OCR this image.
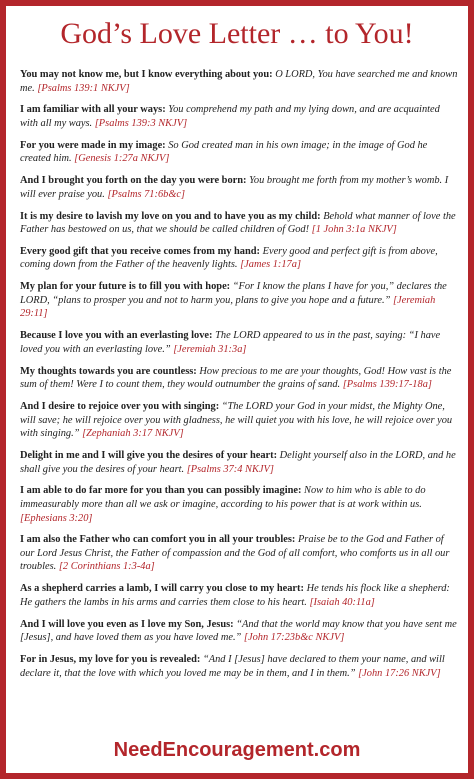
God’s Love Letter … to You!
You may not know me, but I know everything about you: O LORD, You have searched me and known me. [Psalms 139:1 NKJV]
I am familiar with all your ways: You comprehend my path and my lying down, and are acquainted with all my ways. [Psalms 139:3 NKJV]
For you were made in my image: So God created man in his own image; in the image of God he created him. [Genesis 1:27a NKJV]
And I brought you forth on the day you were born: You brought me forth from my mother’s womb. I will ever praise you. [Psalms 71:6b&c]
It is my desire to lavish my love on you and to have you as my child: Behold what manner of love the Father has bestowed on us, that we should be called children of God! [1 John 3:1a NKJV]
Every good gift that you receive comes from my hand: Every good and perfect gift is from above, coming down from the Father of the heavenly lights. [James 1:17a]
My plan for your future is to fill you with hope: “For I know the plans I have for you,” declares the LORD, “plans to prosper you and not to harm you, plans to give you hope and a future.” [Jeremiah 29:11]
Because I love you with an everlasting love: The LORD appeared to us in the past, saying: “I have loved you with an everlasting love.” [Jeremiah 31:3a]
My thoughts towards you are countless: How precious to me are your thoughts, God! How vast is the sum of them! Were I to count them, they would outnumber the grains of sand. [Psalms 139:17-18a]
And I desire to rejoice over you with singing: “The LORD your God in your midst, the Mighty One, will save; he will rejoice over you with gladness, he will quiet you with his love, he will rejoice over you with singing.” [Zephaniah 3:17 NKJV]
Delight in me and I will give you the desires of your heart: Delight yourself also in the LORD, and he shall give you the desires of your heart. [Psalms 37:4 NKJV]
I am able to do far more for you than you can possibly imagine: Now to him who is able to do immeasurably more than all we ask or imagine, according to his power that is at work within us. [Ephesians 3:20]
I am also the Father who can comfort you in all your troubles: Praise be to the God and Father of our Lord Jesus Christ, the Father of compassion and the God of all comfort, who comforts us in all our troubles. [2 Corinthians 1:3-4a]
As a shepherd carries a lamb, I will carry you close to my heart: He tends his flock like a shepherd: He gathers the lambs in his arms and carries them close to his heart. [Isaiah 40:11a]
And I will love you even as I love my Son, Jesus: “And that the world may know that you have sent me [Jesus], and have loved them as you have loved me.” [John 17:23b&c NKJV]
For in Jesus, my love for you is revealed: “And I [Jesus] have declared to them your name, and will declare it, that the love with which you loved me may be in them, and I in them.” [John 17:26 NKJV]
NeedEncouragement.com
